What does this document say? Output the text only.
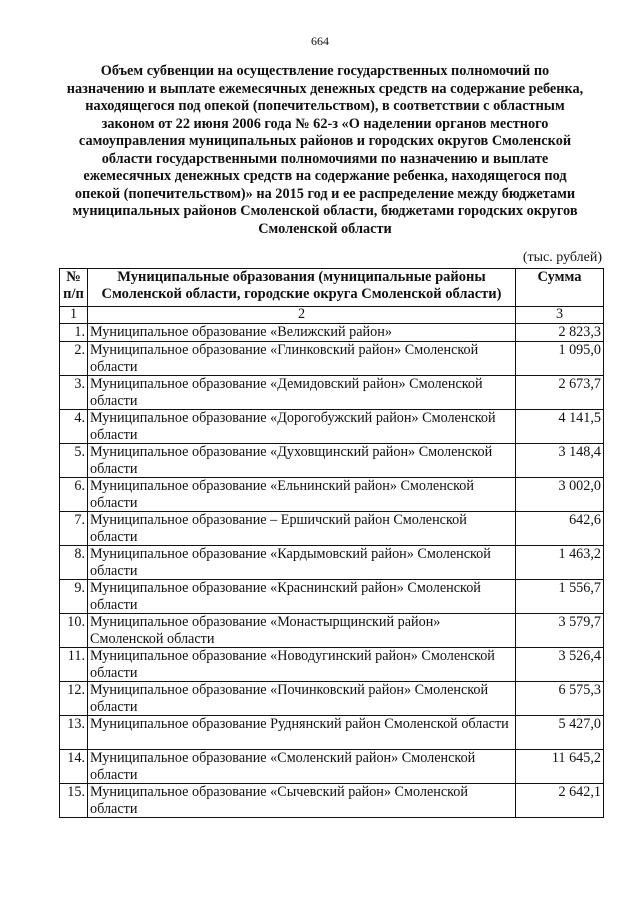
664
Объем субвенции на осуществление государственных полномочий по
назначению и выплате ежемесячных денежных средств на содержание ребенка,
находящегося под опекой (попечительством), в соответствии с областным
законом от 22 июня 2006 года № 62-з «О наделении органов местного
самоуправления муниципальных районов и городских округов Смоленской
области государственными полномочиями по назначению и выплате
ежемесячных денежных средств на содержание ребенка, находящегося под
опекой (попечительством)» на 2015 год и ее распределение между бюджетами
муниципальных районов Смоленской области, бюджетами городских округов
Смоленской области
(тыс. рублей)
№ п/п	Муниципальные образования (муниципальные районы Смоленской области, городские округа Смоленской области)	Сумма
1	2	3
1.	Муниципальное образование «Велижский район»	2 823,3
2.	Муниципальное образование «Глинковский район» Смоленской области	1 095,0
3.	Муниципальное образование «Демидовский район» Смоленской области	2 673,7
4.	Муниципальное образование «Дорогобужский район» Смоленской области	4 141,5
5.	Муниципальное образование «Духовщинский район» Смоленской области	3 148,4
6.	Муниципальное образование «Ельнинский район» Смоленской области	3 002,0
7.	Муниципальное образование – Ершичский район Смоленской области	642,6
8.	Муниципальное образование «Кардымовский район» Смоленской области	1 463,2
9.	Муниципальное образование «Краснинский район» Смоленской области	1 556,7
10.	Муниципальное образование «Монастырщинский район» Смоленской области	3 579,7
11.	Муниципальное образование «Новодугинский район» Смоленской области	3 526,4
12.	Муниципальное образование «Починковский район» Смоленской области	6 575,3
13.	Муниципальное образование Руднянский район Смоленской области	5 427,0
14.	Муниципальное образование «Смоленский район» Смоленской области	11 645,2
15.	Муниципальное образование «Сычевский район» Смоленской области	2 642,1
